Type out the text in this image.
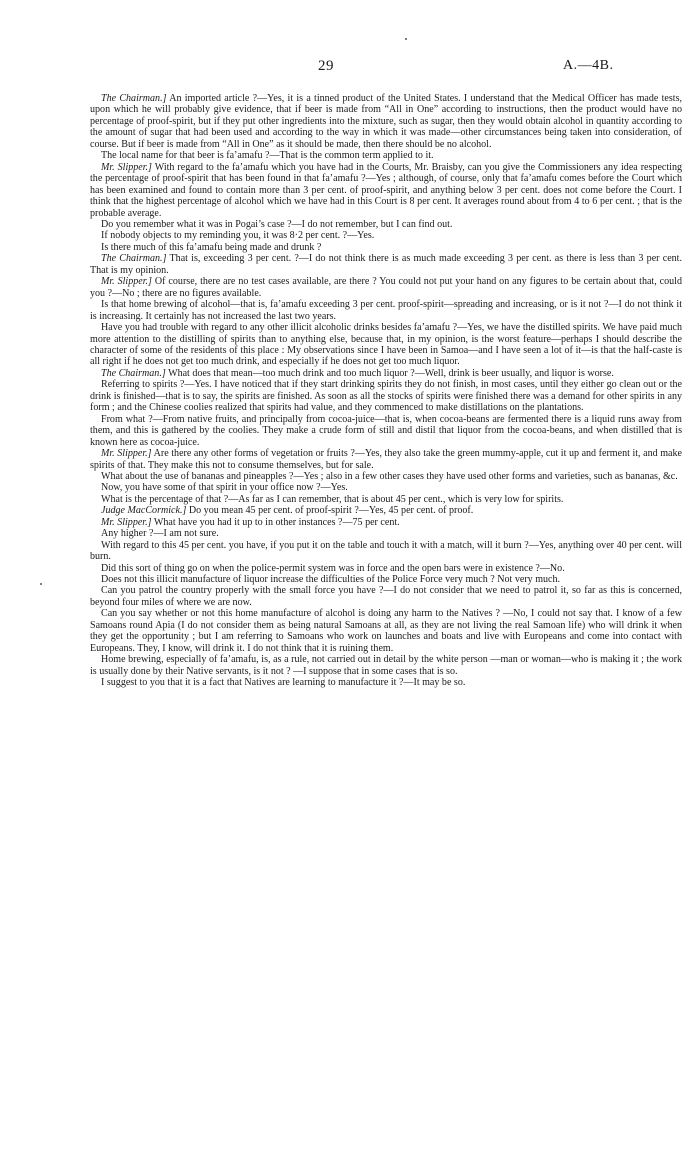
29	A.—4B.

The Chairman.] An imported article ?—Yes, it is a tinned product of the United States. I understand that the Medical Officer has made tests, upon which he will probably give evidence, that if beer is made from “All in One” according to instructions, then the product would have no percentage of proof-spirit, but if they put other ingredients into the mixture, such as sugar, then they would obtain alcohol in quantity according to the amount of sugar that had been used and according to the way in which it was made—other circumstances being taken into consideration, of course. But if beer is made from “All in One” as it should be made, then there should be no alcohol.

The local name for that beer is fa’amafu ?—That is the common term applied to it.

Mr. Slipper.] With regard to the fa’amafu which you have had in the Courts, Mr. Braisby, can you give the Commissioners any idea respecting the percentage of proof-spirit that has been found in that fa’amafu ?—Yes ; although, of course, only that fa’amafu comes before the Court which has been examined and found to contain more than 3 per cent. of proof-spirit, and anything below 3 per cent. does not come before the Court. I think that the highest percentage of alcohol which we have had in this Court is 8 per cent. It averages round about from 4 to 6 per cent. ; that is the probable average.

Do you remember what it was in Pogai’s case ?—I do not remember, but I can find out.

If nobody objects to my reminding you, it was 8·2 per cent. ?—Yes.

Is there much of this fa’amafu being made and drunk ?

The Chairman.] That is, exceeding 3 per cent. ?—I do not think there is as much made exceeding 3 per cent. as there is less than 3 per cent. That is my opinion.

Mr. Slipper.] Of course, there are no test cases available, are there ? You could not put your hand on any figures to be certain about that, could you ?—No ; there are no figures available.

Is that home brewing of alcohol—that is, fa’amafu exceeding 3 per cent. proof-spirit—spreading and increasing, or is it not ?—I do not think it is increasing. It certainly has not increased the last two years.

Have you had trouble with regard to any other illicit alcoholic drinks besides fa’amafu ?—Yes, we have the distilled spirits. We have paid much more attention to the distilling of spirits than to anything else, because that, in my opinion, is the worst feature—perhaps I should describe the character of some of the residents of this place : My observations since I have been in Samoa—and I have seen a lot of it—is that the half-caste is all right if he does not get too much drink, and especially if he does not get too much liquor.

The Chairman.] What does that mean—too much drink and too much liquor ?—Well, drink is beer usually, and liquor is worse.

Referring to spirits ?—Yes. I have noticed that if they start drinking spirits they do not finish, in most cases, until they either go clean out or the drink is finished—that is to say, the spirits are finished. As soon as all the stocks of spirits were finished there was a demand for other spirits in any form ; and the Chinese coolies realized that spirits had value, and they commenced to make distillations on the plantations.

From what ?—From native fruits, and principally from cocoa-juice—that is, when cocoa-beans are fermented there is a liquid runs away from them, and this is gathered by the coolies. They make a crude form of still and distil that liquor from the cocoa-beans, and when distilled that is known here as cocoa-juice.

Mr. Slipper.] Are there any other forms of vegetation or fruits ?—Yes, they also take the green mummy-apple, cut it up and ferment it, and make spirits of that. They make this not to consume themselves, but for sale.

What about the use of bananas and pineapples ?—Yes ; also in a few other cases they have used other forms and varieties, such as bananas, &c.

Now, you have some of that spirit in your office now ?—Yes.

What is the percentage of that ?—As far as I can remember, that is about 45 per cent., which is very low for spirits.

Judge MacCormick.] Do you mean 45 per cent. of proof-spirit ?—Yes, 45 per cent. of proof.

Mr. Slipper.] What have you had it up to in other instances ?—75 per cent.

Any higher ?—I am not sure.

With regard to this 45 per cent. you have, if you put it on the table and touch it with a match, will it burn ?—Yes, anything over 40 per cent. will burn.

Did this sort of thing go on when the police-permit system was in force and the open bars were in existence ?—No.

Does not this illicit manufacture of liquor increase the difficulties of the Police Force very much ? Not very much.

Can you patrol the country properly with the small force you have ?—I do not consider that we need to patrol it, so far as this is concerned, beyond four miles of where we are now.

Can you say whether or not this home manufacture of alcohol is doing any harm to the Natives ? —No, I could not say that. I know of a few Samoans round Apia (I do not consider them as being natural Samoans at all, as they are not living the real Samoan life) who will drink it when they get the opportunity ; but I am referring to Samoans who work on launches and boats and live with Europeans and come into contact with Europeans. They, I know, will drink it. I do not think that it is ruining them.

Home brewing, especially of fa’amafu, is, as a rule, not carried out in detail by the white person —man or woman—who is making it ; the work is usually done by their Native servants, is it not ? —I suppose that in some cases that is so.

I suggest to you that it is a fact that Natives are learning to manufacture it ?—It may be so.
